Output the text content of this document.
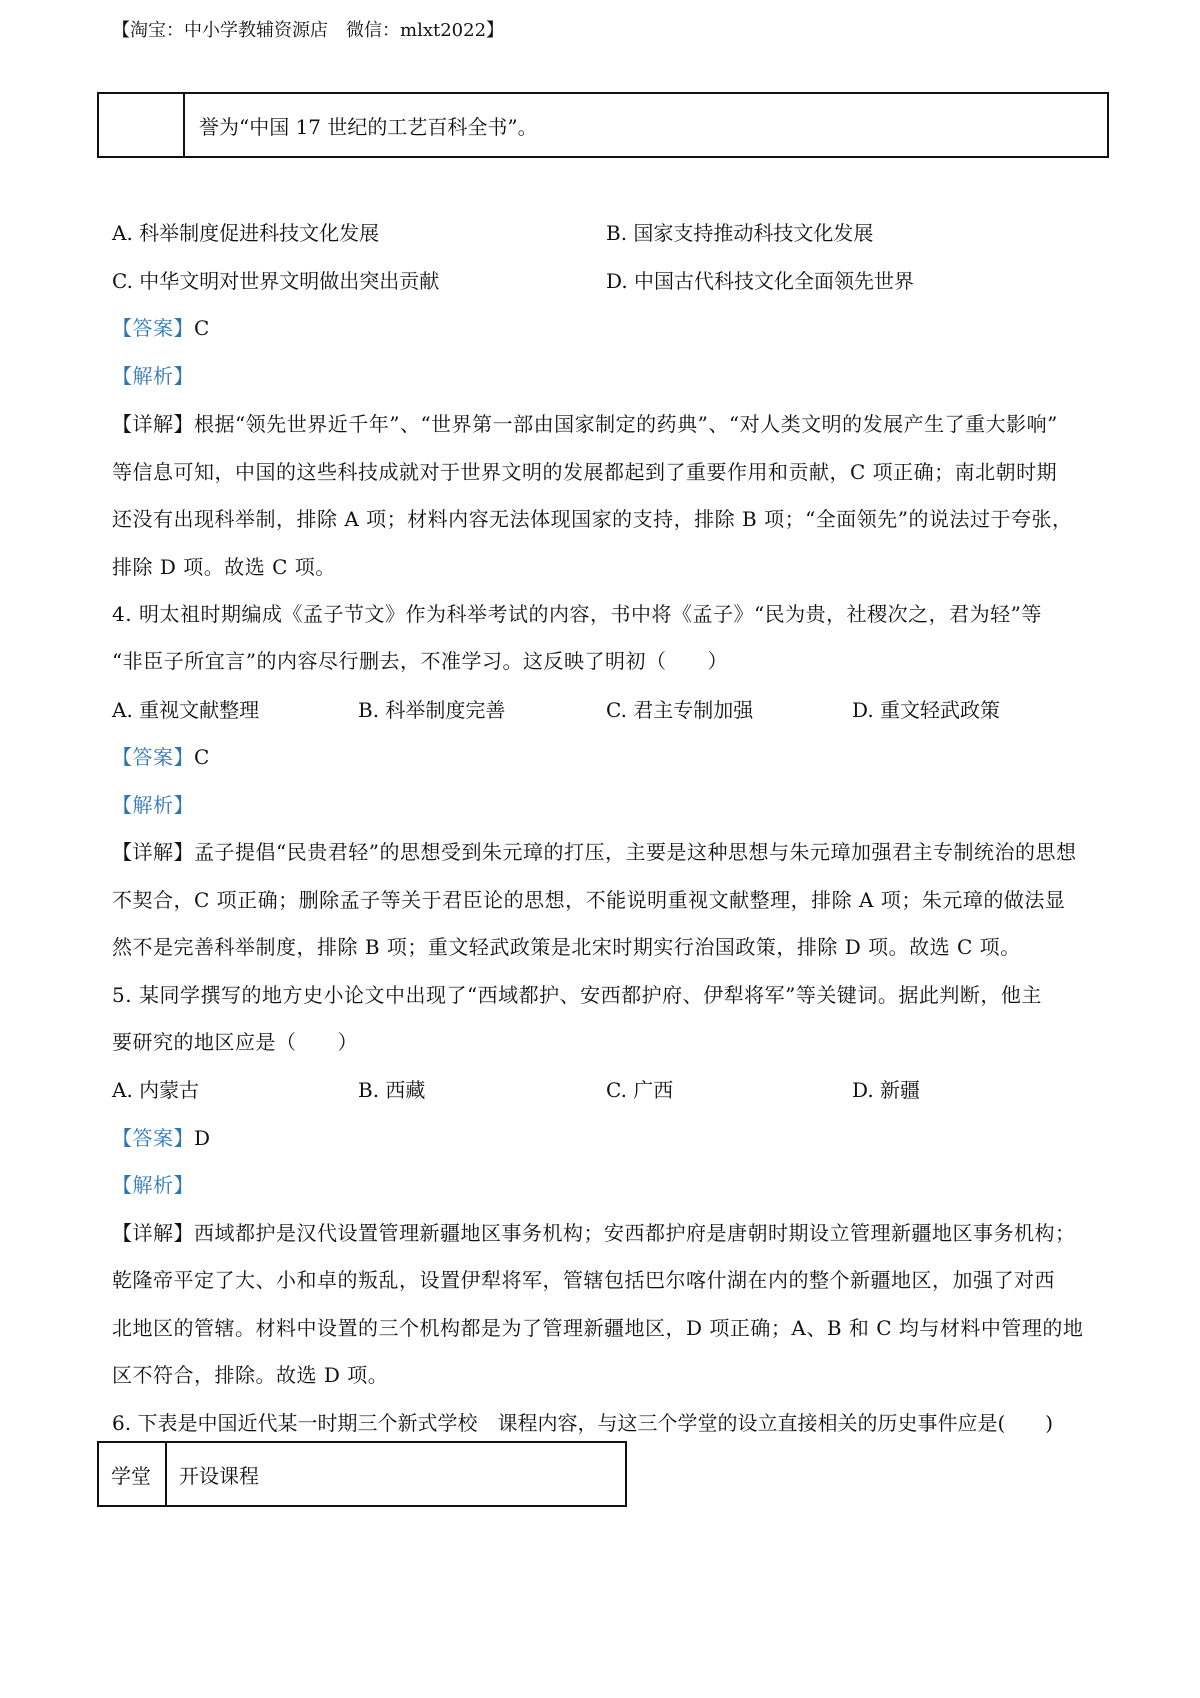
【淘宝：中小学教辅资源店　微信：mlxt2022】
	誉为“中国 17 世纪的工艺百科全书”。
A. 科举制度促进科技文化发展	B. 国家支持推动科技文化发展
C. 中华文明对世界文明做出突出贡献	D. 中国古代科技文化全面领先世界
【答案】C
【解析】
【详解】根据“领先世界近千年”、“世界第一部由国家制定的药典”、“对人类文明的发展产生了重大影响”
等信息可知，中国的这些科技成就对于世界文明的发展都起到了重要作用和贡献，C 项正确；南北朝时期
还没有出现科举制，排除 A 项；材料内容无法体现国家的支持，排除 B 项；“全面领先”的说法过于夸张，
排除 D 项。故选 C 项。
4. 明太祖时期编成《孟子节文》作为科举考试的内容，书中将《孟子》“民为贵，社稷次之，君为轻”等
“非臣子所宜言”的内容尽行删去，不准学习。这反映了明初（　　）
A. 重视文献整理	B. 科举制度完善	C. 君主专制加强	D. 重文轻武政策
【答案】C
【解析】
【详解】孟子提倡“民贵君轻”的思想受到朱元璋的打压，主要是这种思想与朱元璋加强君主专制统治的思想
不契合，C 项正确；删除孟子等关于君臣论的思想，不能说明重视文献整理，排除 A 项；朱元璋的做法显
然不是完善科举制度，排除 B 项；重文轻武政策是北宋时期实行治国政策，排除 D 项。故选 C 项。
5. 某同学撰写的地方史小论文中出现了“西域都护、安西都护府、伊犁将军”等关键词。据此判断，他主
要研究的地区应是（　　）
A. 内蒙古	B. 西藏	C. 广西	D. 新疆
【答案】D
【解析】
【详解】西域都护是汉代设置管理新疆地区事务机构；安西都护府是唐朝时期设立管理新疆地区事务机构；
乾隆帝平定了大、小和卓的叛乱，设置伊犁将军，管辖包括巴尔喀什湖在内的整个新疆地区，加强了对西
北地区的管辖。材料中设置的三个机构都是为了管理新疆地区，D 项正确；A、B 和 C 均与材料中管理的地
区不符合，排除。故选 D 项。
6. 下表是中国近代某一时期三个新式学校　课程内容，与这三个学堂的设立直接相关的历史事件应是(　　)
学堂	开设课程
